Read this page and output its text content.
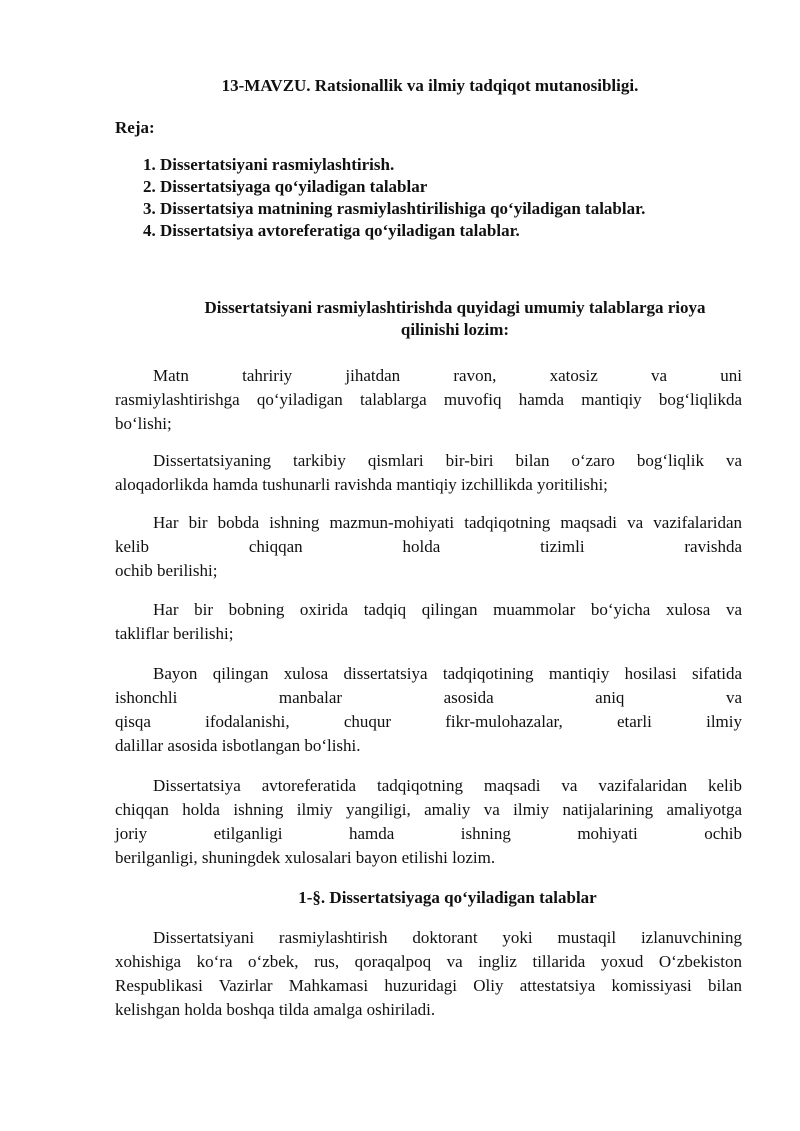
13-MAVZU. Ratsionallik va ilmiy tadqiqot mutanosibligi.
Reja:
1. Dissertatsiyani rasmiylashtirish.
2. Dissertatsiyaga qo‘yiladigan talablar
3. Dissertatsiya matnining rasmiylashtirilishiga qo‘yiladigan talablar.
4. Dissertatsiya avtoreferatiga qo‘yiladigan talablar.
Dissertatsiyani rasmiylashtirishda quyidagi umumiy talablarga rioya
qilinishi lozim:
Matn tahririy jihatdan ravon, xatosiz va uni
rasmiylashtirishga qo‘yiladigan talablarga muvofiq hamda mantiqiy bog‘liqlikda
bo‘lishi;
Dissertatsiyaning tarkibiy qismlari bir-biri bilan o‘zaro bog‘liqlik va
aloqadorlikda hamda tushunarli ravishda mantiqiy izchillikda yoritilishi;
Har bir bobda ishning mazmun-mohiyati tadqiqotning maqsadi va vazifalaridan
kelib chiqqan holda tizimli ravishda
ochib berilishi;
Har bir bobning oxirida tadqiq qilingan muammolar bo‘yicha xulosa va
takliflar berilishi;
Bayon qilingan xulosa dissertatsiya tadqiqotining mantiqiy hosilasi sifatida
ishonchli manbalar asosida aniq va
qisqa ifodalanishi, chuqur fikr-mulohazalar, etarli ilmiy
dalillar asosida isbotlangan bo‘lishi.
Dissertatsiya avtoreferatida tadqiqotning maqsadi va vazifalaridan kelib
chiqqan holda ishning ilmiy yangiligi, amaliy va ilmiy natijalarining amaliyotga
joriy etilganligi hamda ishning mohiyati ochib
berilganligi, shuningdek xulosalari bayon etilishi lozim.
1-§. Dissertatsiyaga qo‘yiladigan talablar
Dissertatsiyani rasmiylashtirish doktorant yoki mustaqil izlanuvchining
xohishiga ko‘ra o‘zbek, rus, qoraqalpoq va ingliz tillarida yoxud O‘zbekiston
Respublikasi Vazirlar Mahkamasi huzuridagi Oliy attestatsiya komissiyasi bilan
kelishgan holda boshqa tilda amalga oshiriladi.
